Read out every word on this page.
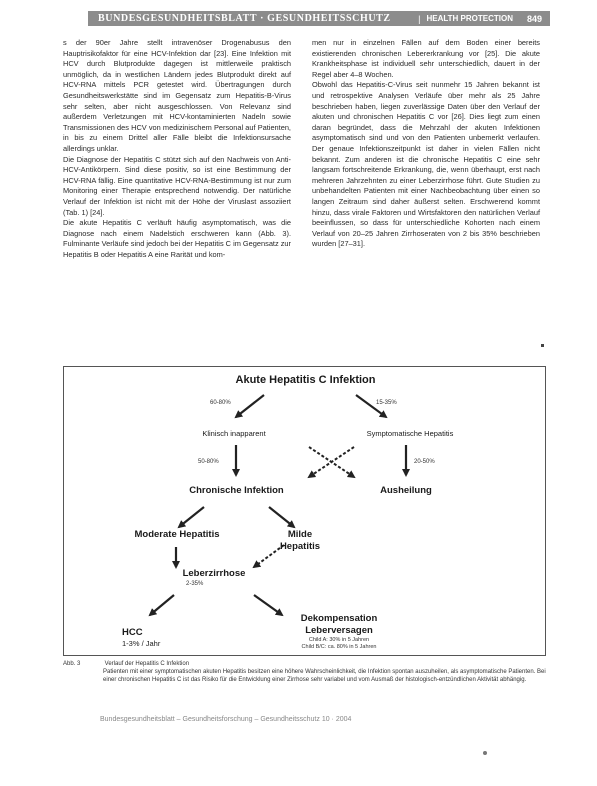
BUNDESGESUNDHEITSBLATT · GESUNDHEITSSCHUTZ	| HEALTH PROTECTION	849

s der 90er Jahre stellt intravenöser Drogenabusus den Hauptrisikofaktor für eine HCV-Infektion dar [23]. Eine Infektion mit HCV durch Blutprodukte dagegen ist mittlerweile praktisch unmöglich, da in westlichen Ländern jedes Blutprodukt direkt auf HCV-RNA mittels PCR getestet wird. Übertragungen durch Gesundheitswerkstätte sind im Gegensatz zum Hepatitis-B-Virus sehr selten, aber nicht ausgeschlossen. Von Relevanz sind außerdem Verletzungen mit HCV-kontaminierten Nadeln sowie Transmissionen des HCV von medizinischem Personal auf Patienten, in bis zu einem Drittel aller Fälle bleibt die Infektionsursache allerdings unklar.

Die Diagnose der Hepatitis C stützt sich auf den Nachweis von Anti-HCV-Antikörpern. Sind diese positiv, so ist eine Bestimmung der HCV-RNA fällig. Eine quantitative HCV-RNA-Bestimmung ist nur zum Monitoring einer Therapie entsprechend notwendig. Der natürliche Verlauf der Infektion ist nicht mit der Höhe der Viruslast assoziiert (Tab. 1) [24].

Die akute Hepatitis C verläuft häufig asymptomatisch, was die Diagnose nach einem Nadelstich erschweren kann (Abb. 3). Fulminante Verläufe sind jedoch bei der Hepatitis C im Gegensatz zur Hepatitis B oder Hepatitis A eine Rarität und kom-

men nur in einzelnen Fällen auf dem Boden einer bereits existierenden chronischen Lebererkrankung vor [25]. Die akute Krankheitsphase ist individuell sehr unterschiedlich, dauert in der Regel aber 4–8 Wochen.

Obwohl das Hepatitis-C-Virus seit nunmehr 15 Jahren bekannt ist und retrospektive Analysen Verläufe über mehr als 25 Jahre beschrieben haben, liegen zuverlässige Daten über den Verlauf der akuten und chronischen Hepatitis C vor [26]. Dies liegt zum einen daran begründet, dass die Mehrzahl der akuten Infektionen asymptomatisch sind und von den Patienten unbemerkt verlaufen. Der genaue Infektionszeitpunkt ist daher in vielen Fällen nicht bekannt. Zum anderen ist die chronische Hepatitis C eine sehr langsam fortschreitende Erkrankung, die, wenn überhaupt, erst nach mehreren Jahrzehnten zu einer Leberzirrhose führt. Gute Studien zu unbehandelten Patienten mit einer Nachbeobachtung über einen so langen Zeitraum sind daher äußerst selten. Erschwerend kommt hinzu, dass virale Faktoren und Wirtsfaktoren den natürlichen Verlauf beeinflussen, so dass für unterschiedliche Kohorten nach einem Verlauf von 20–25 Jahren Zirrhoseraten von 2 bis 35% beschrieben wurden [27–31].

Akute Hepatitis C Infektion
60-80%	15-35%
Klinisch inapparent	Symptomatische Hepatitis
50-80%	20-50%
Chronische Infektion	Ausheilung
Moderate Hepatitis	Milde
Hepatitis
Leberzirrhose
2-35%
Dekompensation
Leberversagen
Child A: 30% in 5 Jahren
Child B/C: ca. 80% in 5 Jahren
HCC
1-3% / Jahr
Abb. 3	Verlauf der Hepatitis C Infektion
Patienten mit einer symptomatischen akuten Hepatitis besitzen eine höhere Wahrscheinlichkeit, die Infektion spontan auszuheilen, als asymptomatische Patienten. Bei einer chronischen Hepatitis C ist das Risiko für die Entwicklung einer Zirrhose sehr variabel und vom Ausmaß der histologisch-entzündlichen Aktivität abhängig.
Bundesgesundheitsblatt – Gesundheitsforschung – Gesundheitsschutz 10 · 2004
